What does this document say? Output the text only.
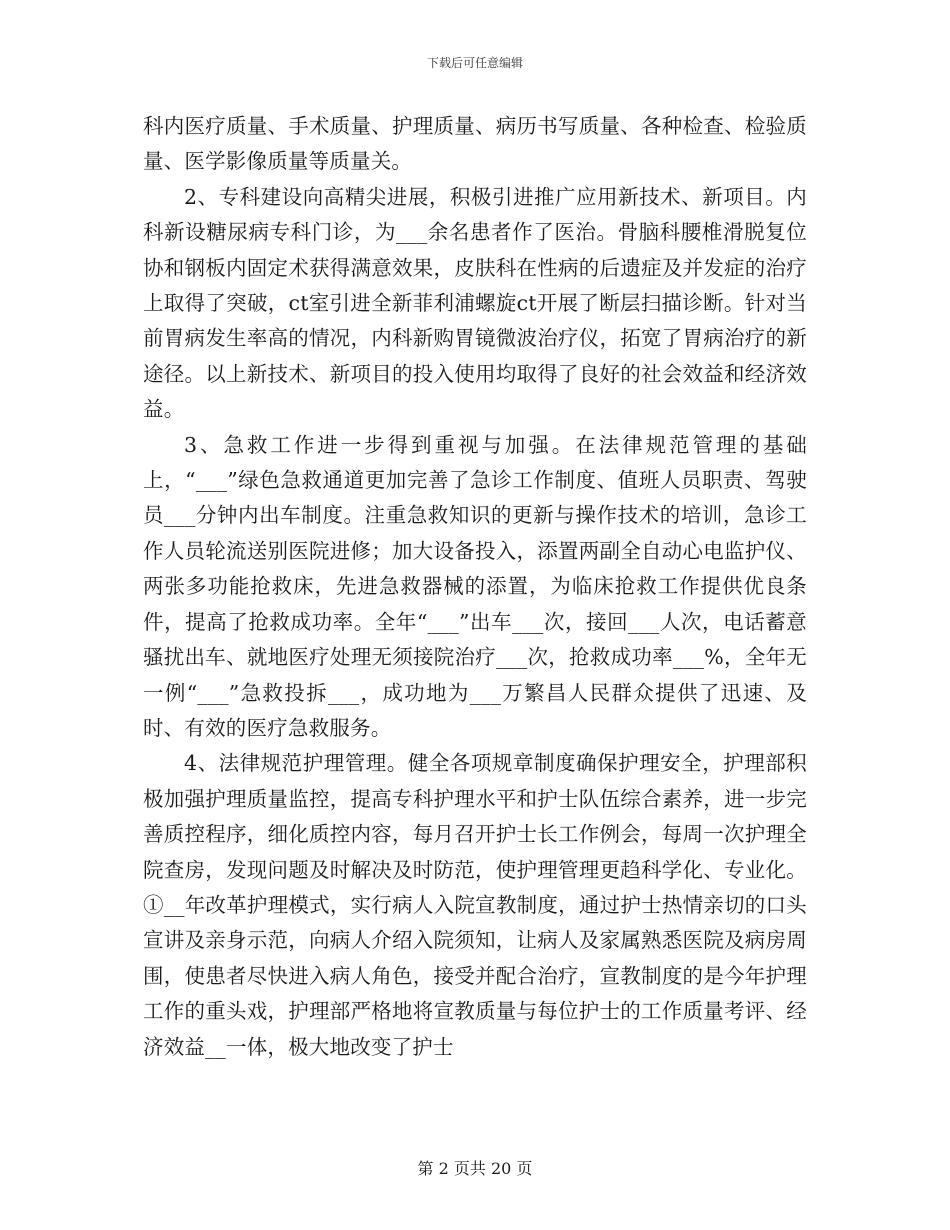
下载后可任意编辑

科内医疗质量、手术质量、护理质量、病历书写质量、各种检查、检验质量、医学影像质量等质量关。

2、专科建设向高精尖进展，积极引进推广应用新技术、新项目。内科新设糖尿病专科门诊，为___余名患者作了医治。骨脑科腰椎滑脱复位协和钢板内固定术获得满意效果，皮肤科在性病的后遗症及并发症的治疗上取得了突破，ct室引进全新菲利浦螺旋ct开展了断层扫描诊断。针对当前胃病发生率高的情况，内科新购胃镜微波治疗仪，拓宽了胃病治疗的新途径。以上新技术、新项目的投入使用均取得了良好的社会效益和经济效益。

3、急救工作进一步得到重视与加强。在法律规范管理的基础上，“___”绿色急救通道更加完善了急诊工作制度、值班人员职责、驾驶员___分钟内出车制度。注重急救知识的更新与操作技术的培训，急诊工作人员轮流送别医院进修；加大设备投入，添置两副全自动心电监护仪、两张多功能抢救床，先进急救器械的添置，为临床抢救工作提供优良条件，提高了抢救成功率。全年“___”出车___次，接回___人次，电话蓄意骚扰出车、就地医疗处理无须接院治疗___次，抢救成功率___%，全年无一例“___”急救投拆___，成功地为___万繁昌人民群众提供了迅速、及时、有效的医疗急救服务。

4、法律规范护理管理。健全各项规章制度确保护理安全，护理部积极加强护理质量监控，提高专科护理水平和护士队伍综合素养，进一步完善质控程序，细化质控内容，每月召开护士长工作例会，每周一次护理全院查房，发现问题及时解决及时防范，使护理管理更趋科学化、专业化。①__年改革护理模式，实行病人入院宣教制度，通过护士热情亲切的口头宣讲及亲身示范，向病人介绍入院须知，让病人及家属熟悉医院及病房周围，使患者尽快进入病人角色，接受并配合治疗，宣教制度的是今年护理工作的重头戏，护理部严格地将宣教质量与每位护士的工作质量考评、经济效益__一体，极大地改变了护士

第 2 页共 20 页
